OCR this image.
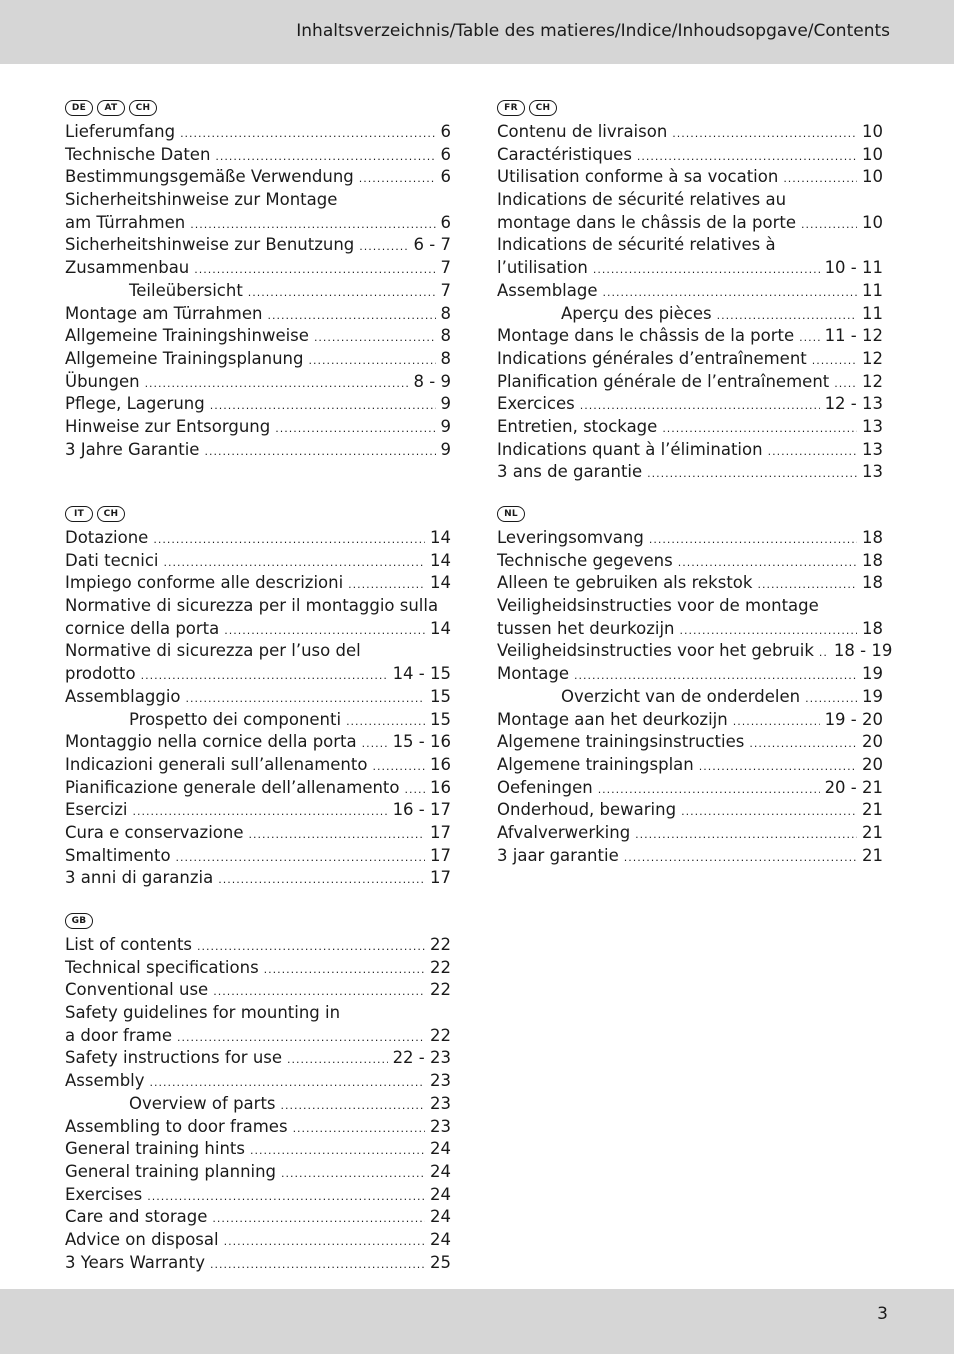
Inhaltsverzeichnis/Table des matieres/Indice/Inhoudsopgave/Contents
DE	AT	CH
Lieferumfang .....	6
Technische Daten .....	6
Bestimmungsgemäße Verwendung .....	6
Sicherheitshinweise zur Montage
am Türrahmen .....	6
Sicherheitshinweise zur Benutzung .....	6 - 7
Zusammenbau .....	7
Teileübersicht .....	7
Montage am Türrahmen .....	8
Allgemeine Trainingshinweise .....	8
Allgemeine Trainingsplanung .....	8
Übungen .....	8 - 9
Pflege, Lagerung .....	9
Hinweise zur Entsorgung .....	9
3 Jahre Garantie .....	9
FR	CH
Contenu de livraison .....	10
Caractéristiques .....	10
Utilisation conforme à sa vocation .....	10
Indications de sécurité relatives au
montage dans le châssis de la porte .....	10
Indications de sécurité relatives à
l’utilisation .....	10 - 11
Assemblage .....	11
Aperçu des pièces .....	11
Montage dans le châssis de la porte ..... 11 - 12
Indications générales d’entraînement .....	12
Planification générale de l’entraînement ..... 12
Exercices .....	12 - 13
Entretien, stockage .....	13
Indications quant à l’élimination .....	13
3 ans de garantie .....	13
IT	CH
Dotazione .....	14
Dati tecnici .....	14
Impiego conforme alle descrizioni .....	14
Normative di sicurezza per il montaggio sulla
cornice della porta .....	14
Normative di sicurezza per l’uso del
prodotto .....	14 - 15
Assemblaggio .....	15
Prospetto dei componenti .....	15
Montaggio nella cornice della porta ..... 15 - 16
Indicazioni generali sull’allenamento .....	16
Pianificazione generale dell’allenamento ..... 16
Esercizi .....	16 - 17
Cura e conservazione .....	17
Smaltimento .....	17
3 anni di garanzia .....	17
NL
Leveringsomvang .....	18
Technische gegevens .....	18
Alleen te gebruiken als rekstok .....	18
Veiligheidsinstructies voor de montage
tussen het deurkozijn .....	18
Veiligheidsinstructies voor het gebruik ..... 18 - 19
Montage .....	19
Overzicht van de onderdelen .....	19
Montage aan het deurkozijn .....	19 - 20
Algemene trainingsinstructies .....	20
Algemene trainingsplan .....	20
Oefeningen .....	20 - 21
Onderhoud, bewaring .....	21
Afvalverwerking .....	21
3 jaar garantie .....	21
GB
List of contents .....	22
Technical specifications .....	22
Conventional use .....	22
Safety guidelines for mounting in
a door frame .....	22
Safety instructions for use .....	22 - 23
Assembly .....	23
Overview of parts .....	23
Assembling to door frames .....	23
General training hints .....	24
General training planning .....	24
Exercises .....	24
Care and storage .....	24
Advice on disposal .....	24
3 Years Warranty .....	25
3
